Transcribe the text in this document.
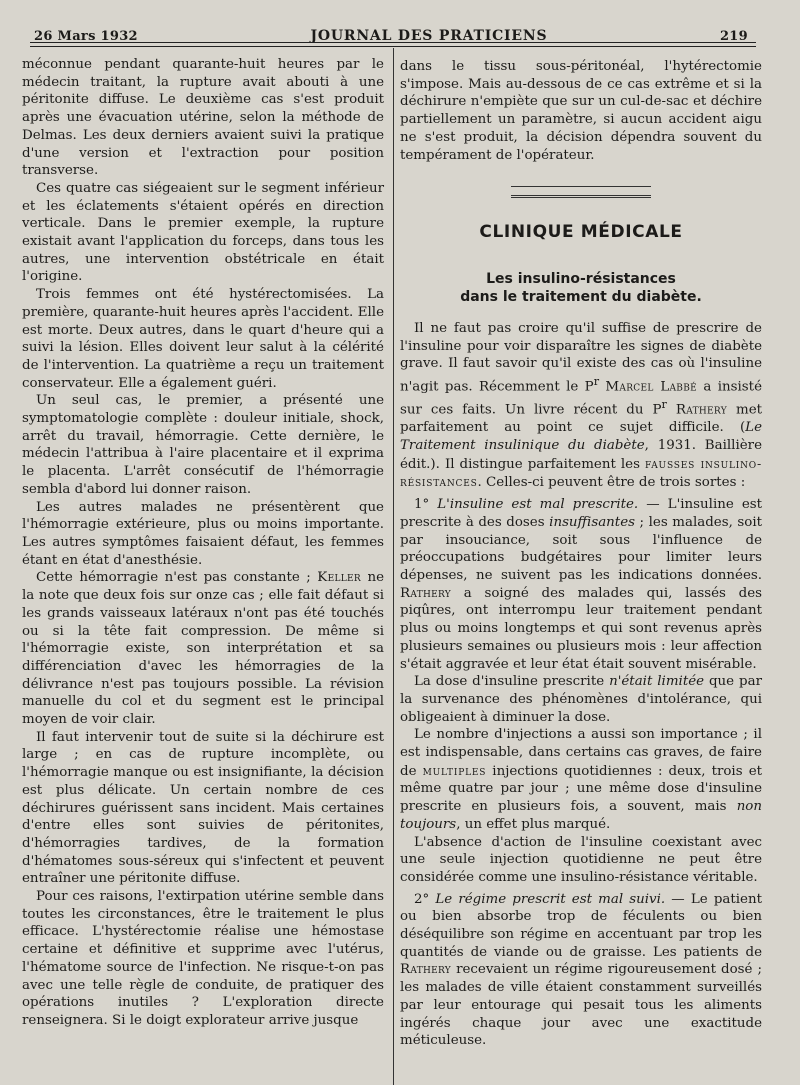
26 Mars 1932	JOURNAL DES PRATICIENS	219

méconnue pendant quarante-huit heures par le médecin traitant, la rupture avait abouti à une péritonite diffuse. Le deuxième cas s'est produit après une évacuation utérine, selon la méthode de Delmas. Les deux derniers avaient suivi la pratique d'une version et l'extraction pour position transverse.

Ces quatre cas siégeaient sur le segment inférieur et les éclatements s'étaient opérés en direction verticale. Dans le premier exemple, la rupture existait avant l'application du forceps, dans tous les autres, une intervention obstétricale en était l'origine.

Trois femmes ont été hystérectomisées. La première, quarante-huit heures après l'accident. Elle est morte. Deux autres, dans le quart d'heure qui a suivi la lésion. Elles doivent leur salut à la célérité de l'intervention. La quatrième a reçu un traitement conservateur. Elle a également guéri.

Un seul cas, le premier, a présenté une symptomatologie complète : douleur initiale, shock, arrêt du travail, hémorragie. Cette dernière, le médecin l'attribua à l'aire placentaire et il exprima le placenta. L'arrêt consécutif de l'hémorragie sembla d'abord lui donner raison.

Les autres malades ne présentèrent que l'hémorragie extérieure, plus ou moins importante. Les autres symptômes faisaient défaut, les femmes étant en état d'anesthésie.

Cette hémorragie n'est pas constante ; Keller ne la note que deux fois sur onze cas ; elle fait défaut si les grands vaisseaux latéraux n'ont pas été touchés ou si la tête fait compression. De même si l'hémorragie existe, son interprétation et sa différenciation d'avec les hémorragies de la délivrance n'est pas toujours possible. La révision manuelle du col et du segment est le principal moyen de voir clair.

Il faut intervenir tout de suite si la déchirure est large ; en cas de rupture incomplète, ou l'hémorragie manque ou est insignifiante, la décision est plus délicate. Un certain nombre de ces déchirures guérissent sans incident. Mais certaines d'entre elles sont suivies de péritonites, d'hémorragies tardives, de la formation d'hématomes sous-séreux qui s'infectent et peuvent entraîner une péritonite diffuse.

Pour ces raisons, l'extirpation utérine semble dans toutes les circonstances, être le traitement le plus efficace. L'hystérectomie réalise une hémostase certaine et définitive et supprime avec l'utérus, l'hématome source de l'infection. Ne risque-t-on pas avec une telle règle de conduite, de pratiquer des opérations inutiles ? L'exploration directe renseignera. Si le doigt explorateur arrive jusque

dans le tissu sous-péritonéal, l'hytérectomie s'impose. Mais au-dessous de ce cas extrême et si la déchirure n'empiète que sur un cul-de-sac et déchire partiellement un paramètre, si aucun accident aigu ne s'est produit, la décision dépendra souvent du tempérament de l'opérateur.

CLINIQUE MÉDICALE
Les insulino-résistances
dans le traitement du diabète.

Il ne faut pas croire qu'il suffise de prescrire de l'insuline pour voir disparaître les signes de diabète grave. Il faut savoir qu'il existe des cas où l'insuline n'agit pas. Récemment le $P^r$ Marcel Labbé a insisté sur ces faits. Un livre récent du $P^r$ Rathery met parfaitement au point ce sujet difficile. (Le Traitement insulinique du diabète, 1931. Baillière édit.). Il distingue parfaitement les fausses insulino-résistances. Celles-ci peuvent être de trois sortes :

1° L'insuline est mal prescrite. — L'insuline est prescrite à des doses insuffisantes ; les malades, soit par insouciance, soit sous l'influence de préoccupations budgétaires pour limiter leurs dépenses, ne suivent pas les indications données. Rathery a soigné des malades qui, lassés des piqûres, ont interrompu leur traitement pendant plus ou moins longtemps et qui sont revenus après plusieurs semaines ou plusieurs mois : leur affection s'était aggravée et leur état était souvent misérable.

La dose d'insuline prescrite n'était limitée que par la survenance des phénomènes d'intolérance, qui obligeaient à diminuer la dose.

Le nombre d'injections a aussi son importance ; il est indispensable, dans certains cas graves, de faire de multiples injections quotidiennes : deux, trois et même quatre par jour ; une même dose d'insuline prescrite en plusieurs fois, a souvent, mais non toujours, un effet plus marqué.

L'absence d'action de l'insuline coexistant avec une seule injection quotidienne ne peut être considérée comme une insulino-résistance véritable.

2° Le régime prescrit est mal suivi. — Le patient ou bien absorbe trop de féculents ou bien déséquilibre son régime en accentuant par trop les quantités de viande ou de graisse. Les patients de Rathery recevaient un régime rigoureusement dosé ; les malades de ville étaient constamment surveillés par leur entourage qui pesait tous les aliments ingérés chaque jour avec une exactitude méticuleuse.
